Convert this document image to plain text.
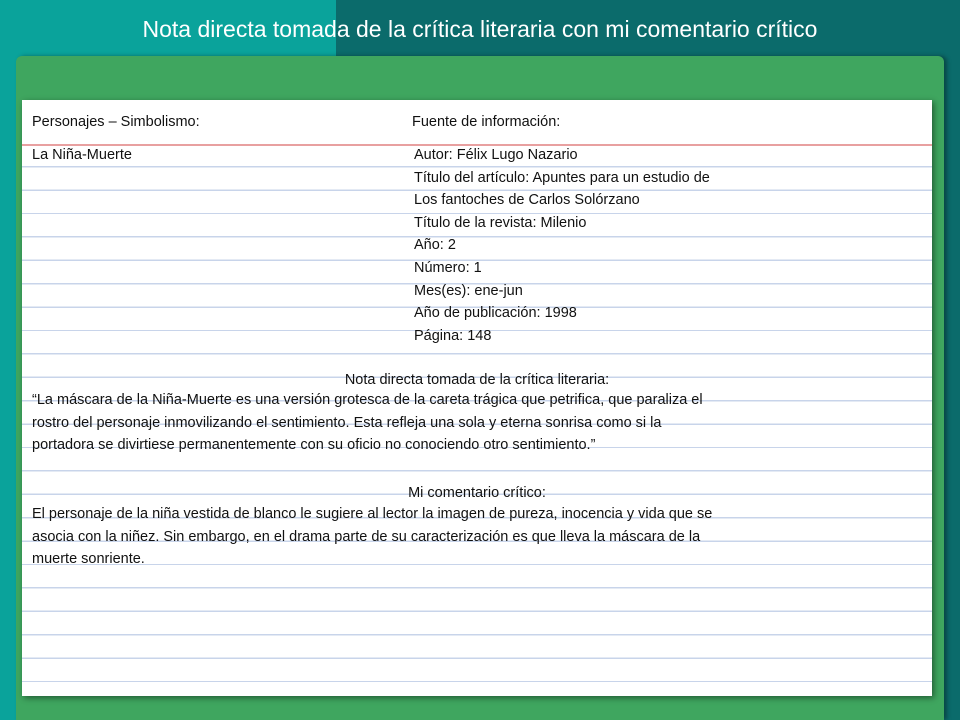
Nota directa tomada de la crítica literaria con mi comentario crítico
Personajes – Simbolismo:	Fuente de información:
La Niña-Muerte	Autor: Félix Lugo Nazario
Título del artículo: Apuntes para un estudio de
Los fantoches de Carlos Solórzano
Título de la revista: Milenio
Año: 2
Número: 1
Mes(es): ene-jun
Año de publicación: 1998
Página: 148
Nota directa tomada de la crítica literaria:

“La máscara de la Niña-Muerte es una versión grotesca de la careta trágica que petrifica, que paraliza el

rostro del personaje inmovilizando el sentimiento. Esta refleja una sola y eterna sonrisa como si la

portadora se divirtiese permanentemente con su oficio no conociendo otro sentimiento.”

Mi comentario crítico:

El personaje de la niña vestida de blanco le sugiere al lector la imagen de pureza, inocencia y vida que se

asocia con la niñez. Sin embargo, en el drama parte de su caracterización es que lleva la máscara de la

muerte sonriente.
